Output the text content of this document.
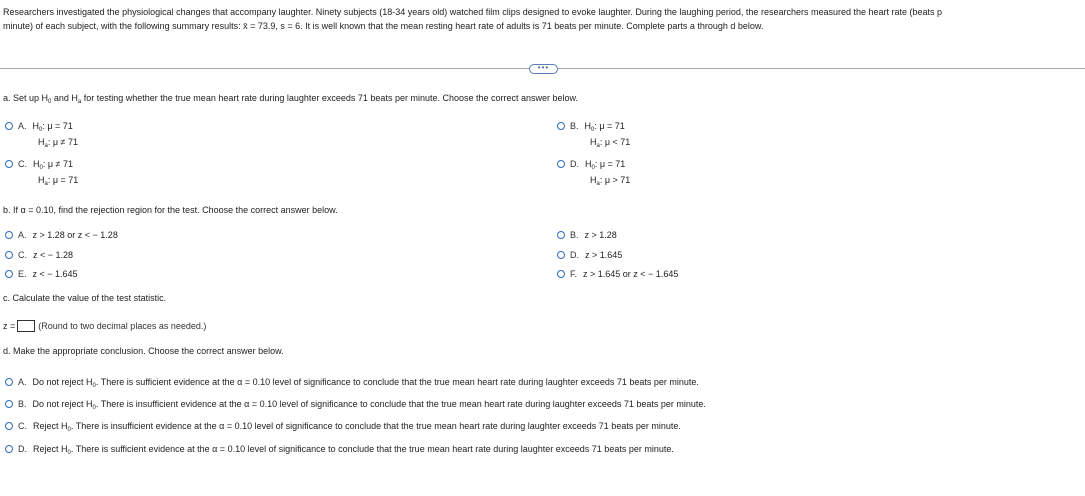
Researchers investigated the physiological changes that accompany laughter. Ninety subjects (18-34 years old) watched film clips designed to evoke laughter. During the laughing period, the researchers measured the heart rate (beats p
minute) of each subject, with the following summary results: x̄ = 73.9, s = 6. It is well known that the mean resting heart rate of adults is 71 beats per minute. Complete parts a through d below.
•••
a. Set up $H_0$ and $H_a$ for testing whether the true mean heart rate during laughter exceeds 71 beats per minute. Choose the correct answer below.
A. $H_0$: μ = 71
$H_a$: μ ≠ 71
B. $H_0$: μ = 71
$H_a$: μ < 71
C. $H_0$: μ ≠ 71
$H_a$: μ = 71
D. $H_0$: μ = 71
$H_a$: μ > 71
b. If α = 0.10, find the rejection region for the test. Choose the correct answer below.
A. z > 1.28 or z < − 1.28	B. z > 1.28
C. z < − 1.28	D. z > 1.645
E. z < − 1.645	F. z > 1.645 or z < − 1.645
c. Calculate the value of the test statistic.
z =	(Round to two decimal places as needed.)
d. Make the appropriate conclusion. Choose the correct answer below.
A. Do not reject $H_0$. There is sufficient evidence at the α = 0.10 level of significance to conclude that the true mean heart rate during laughter exceeds 71 beats per minute.
B. Do not reject $H_0$. There is insufficient evidence at the α = 0.10 level of significance to conclude that the true mean heart rate during laughter exceeds 71 beats per minute.
C. Reject $H_0$. There is insufficient evidence at the α = 0.10 level of significance to conclude that the true mean heart rate during laughter exceeds 71 beats per minute.
D. Reject $H_0$. There is sufficient evidence at the α = 0.10 level of significance to conclude that the true mean heart rate during laughter exceeds 71 beats per minute.
